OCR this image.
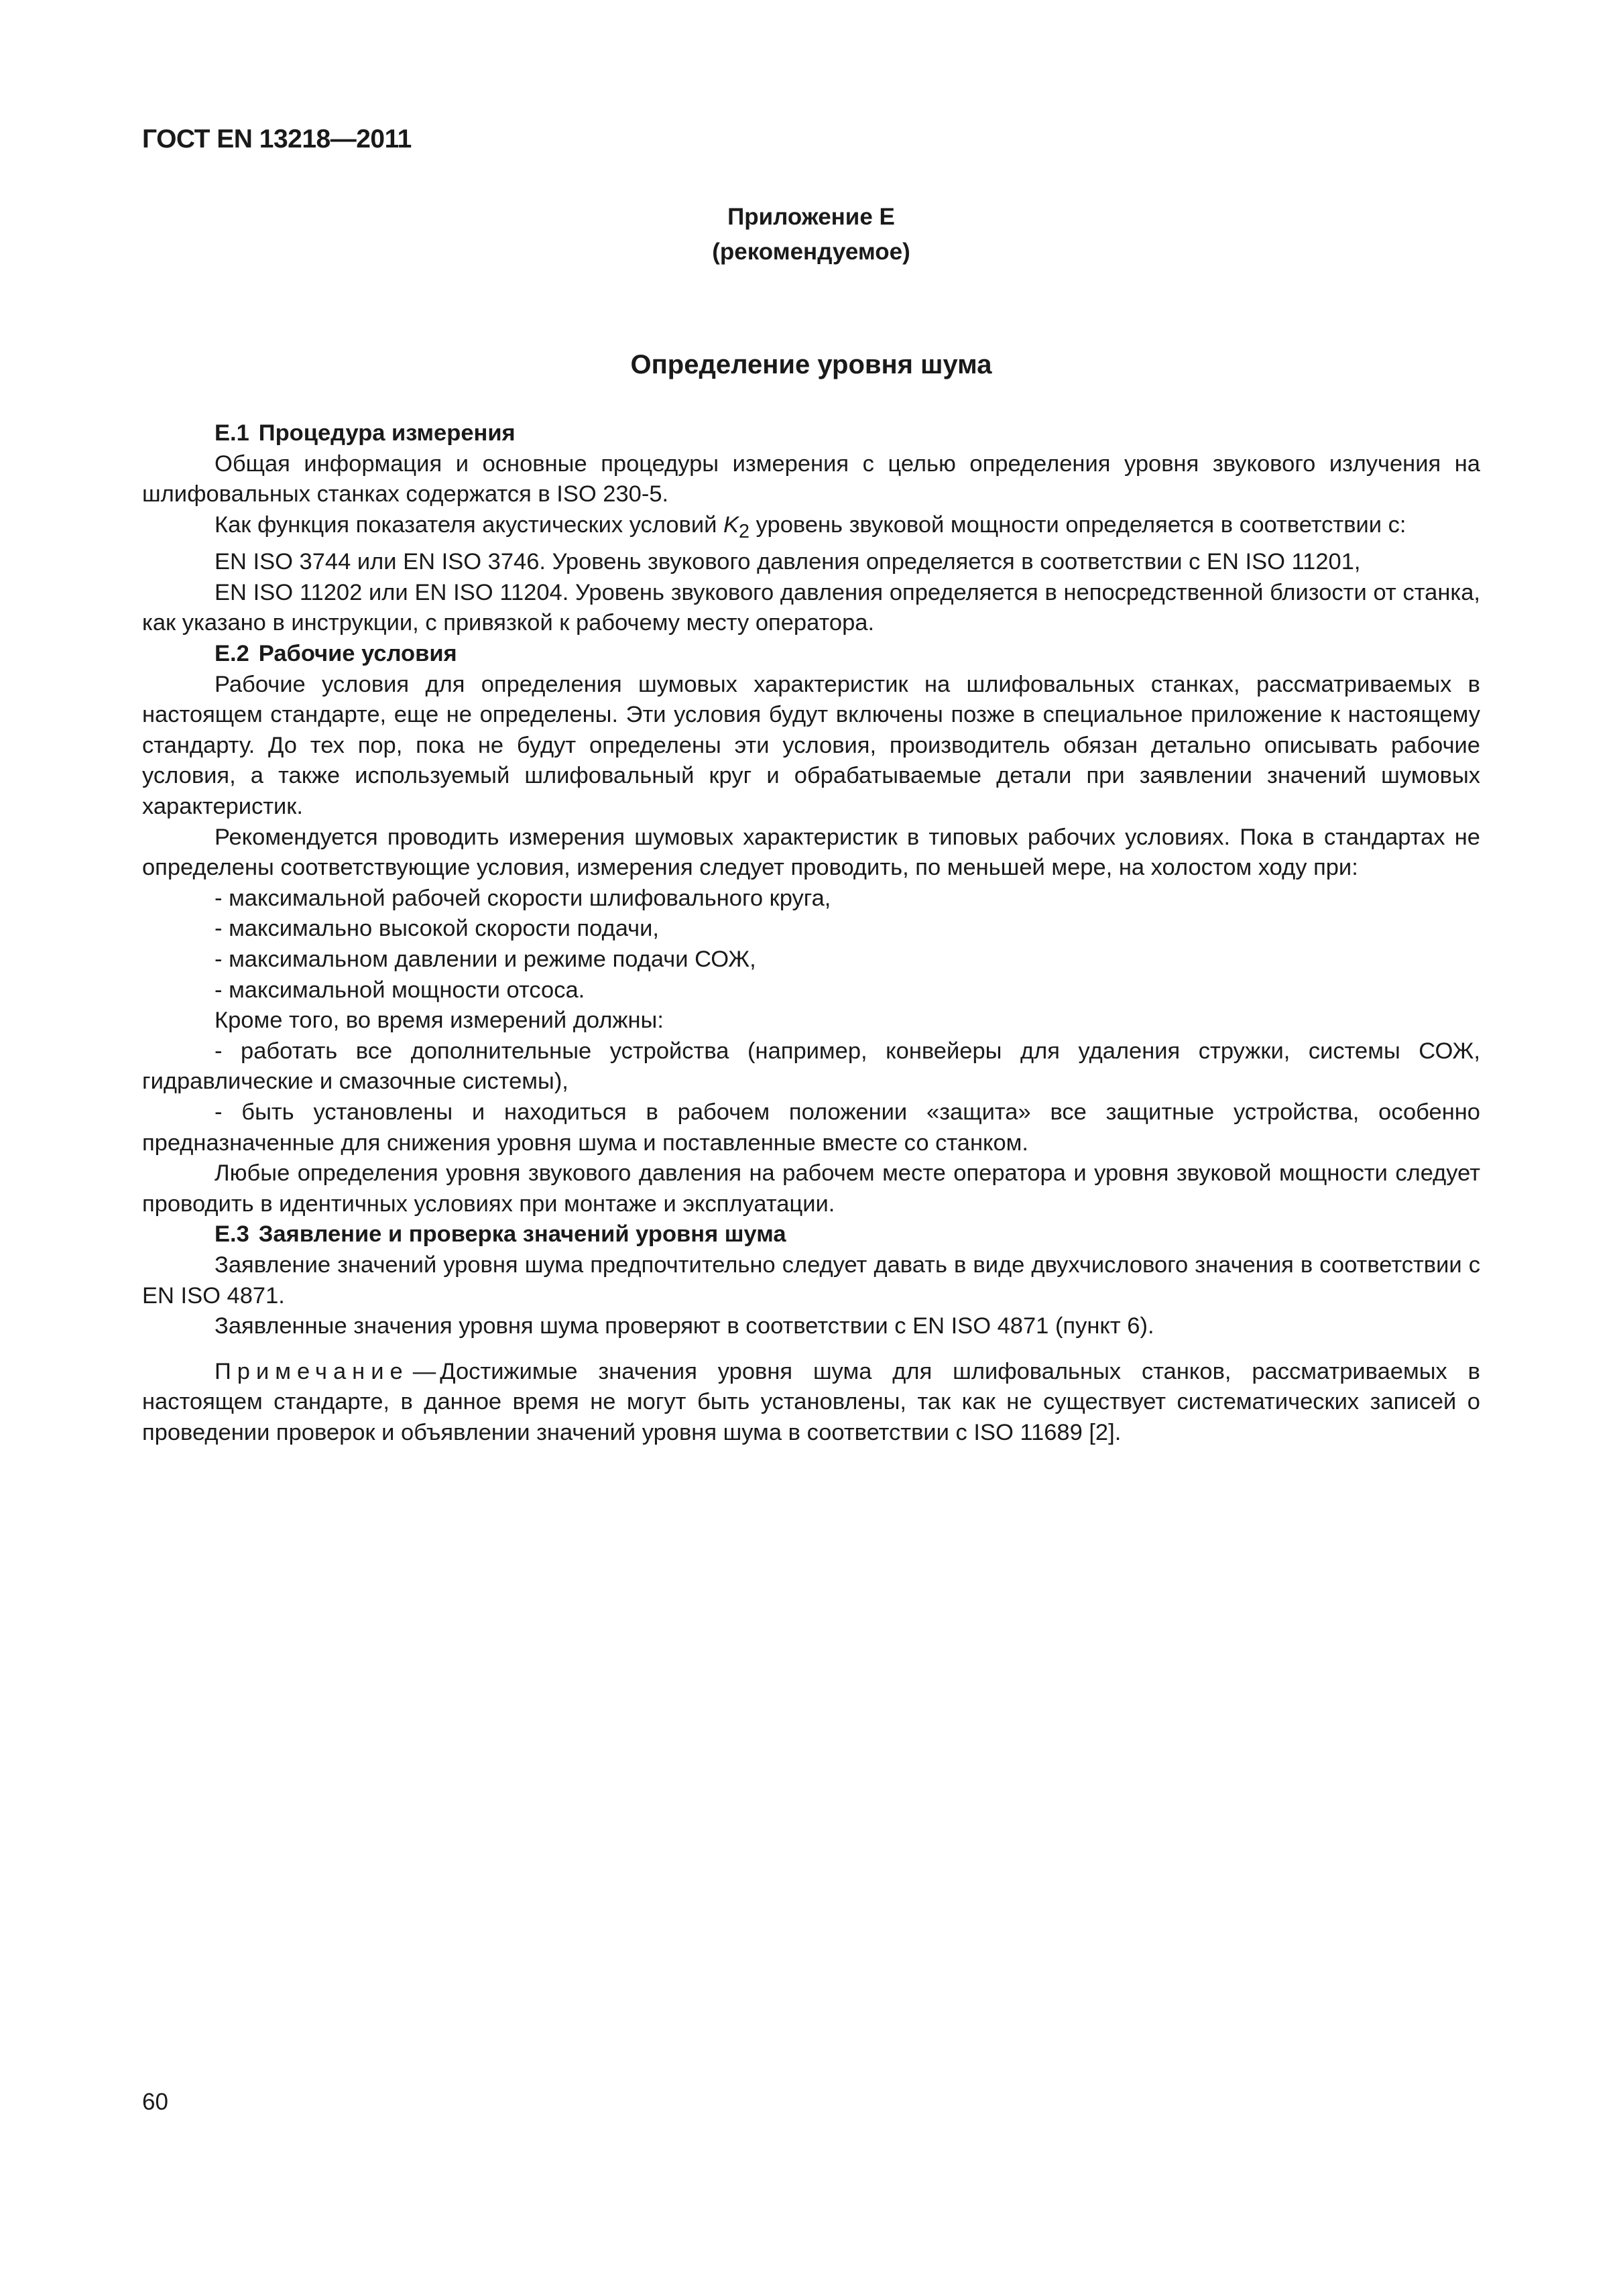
ГОСТ EN 13218—2011
Приложение Е
(рекомендуемое)
Определение уровня шума

Е.1 Процедура измерения

Общая информация и основные процедуры измерения с целью определения уровня звукового излучения на шлифовальных станках содержатся в ISO 230-5.

Как функция показателя акустических условий $K_2$ уровень звуковой мощности определяется в соответствии с:

EN ISO 3744 или EN ISO 3746. Уровень звукового давления определяется в соответствии с EN ISO 11201,

EN ISO 11202 или EN ISO 11204. Уровень звукового давления определяется в непосредственной близости от станка, как указано в инструкции, с привязкой к рабочему месту оператора.

Е.2 Рабочие условия

Рабочие условия для определения шумовых характеристик на шлифовальных станках, рассматриваемых в настоящем стандарте, еще не определены. Эти условия будут включены позже в специальное приложение к настоящему стандарту. До тех пор, пока не будут определены эти условия, производитель обязан детально описывать рабочие условия, а также используемый шлифовальный круг и обрабатываемые детали при заявлении значений шумовых характеристик.

Рекомендуется проводить измерения шумовых характеристик в типовых рабочих условиях. Пока в стандартах не определены соответствующие условия, измерения следует проводить, по меньшей мере, на холостом ходу при:

- максимальной рабочей скорости шлифовального круга,

- максимально высокой скорости подачи,

- максимальном давлении и режиме подачи СОЖ,

- максимальной мощности отсоса.

Кроме того, во время измерений должны:

- работать все дополнительные устройства (например, конвейеры для удаления стружки, системы СОЖ, гидравлические и смазочные системы),

- быть установлены и находиться в рабочем положении «защита» все защитные устройства, особенно предназначенные для снижения уровня шума и поставленные вместе со станком.

Любые определения уровня звукового давления на рабочем месте оператора и уровня звуковой мощности следует проводить в идентичных условиях при монтаже и эксплуатации.

Е.3 Заявление и проверка значений уровня шума

Заявление значений уровня шума предпочтительно следует давать в виде двухчислового значения в соответствии с EN ISO 4871.

Заявленные значения уровня шума проверяют в соответствии с EN ISO 4871 (пункт 6).

Примечание — Достижимые значения уровня шума для шлифовальных станков, рассматриваемых в настоящем стандарте, в данное время не могут быть установлены, так как не существует систематических записей о проведении проверок и объявлении значений уровня шума в соответствии с ISO 11689 [2].

60
